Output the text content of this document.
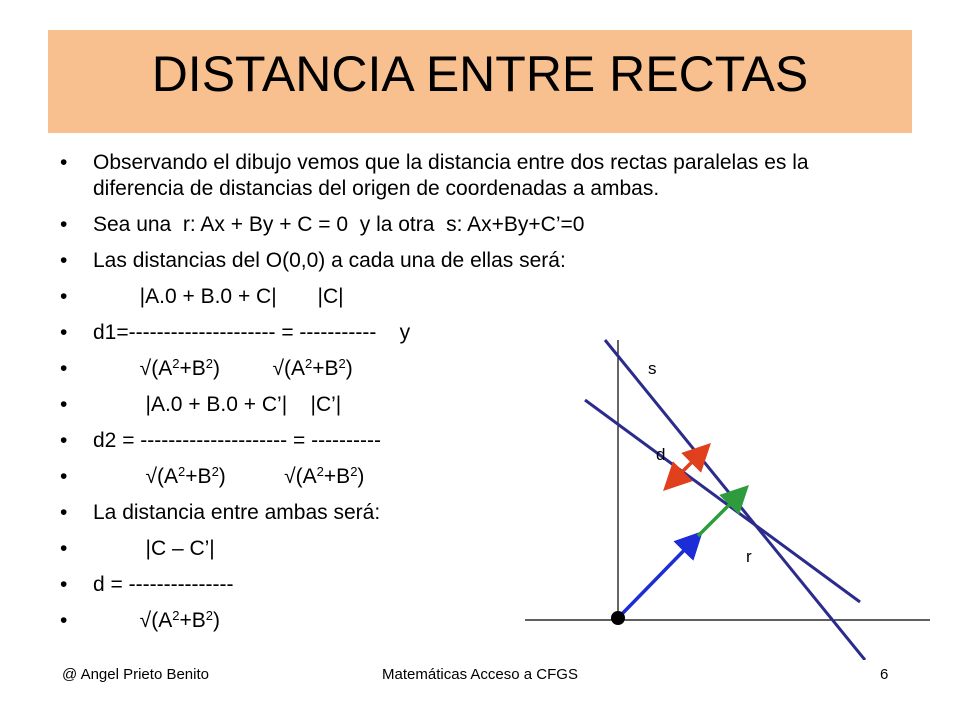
DISTANCIA ENTRE RECTAS
• Observando el dibujo vemos que la distancia entre dos rectas paralelas es la diferencia de distancias del origen de coordenadas a ambas.
• Sea una  r: Ax + By + C = 0  y la otra  s: Ax+By+C’=0
• Las distancias del O(0,0) a cada una de ellas será:
•         |A.0 + B.0 + C|       |C|
• d1=--------------------- = -----------    y
•         $√(A^2+B^2)$         $√(A^2+B^2)$
•          |A.0 + B.0 + C’|    |C’|
• d2 = --------------------- = ----------
•          $√(A^2+B^2)$          $√(A^2+B^2)$
• La distancia entre ambas será:
•          |C – C’|
• d = ---------------
•         $√(A^2+B^2)$
s
d
r
@ Angel Prieto Benito	Matemáticas Acceso a CFGS	6
